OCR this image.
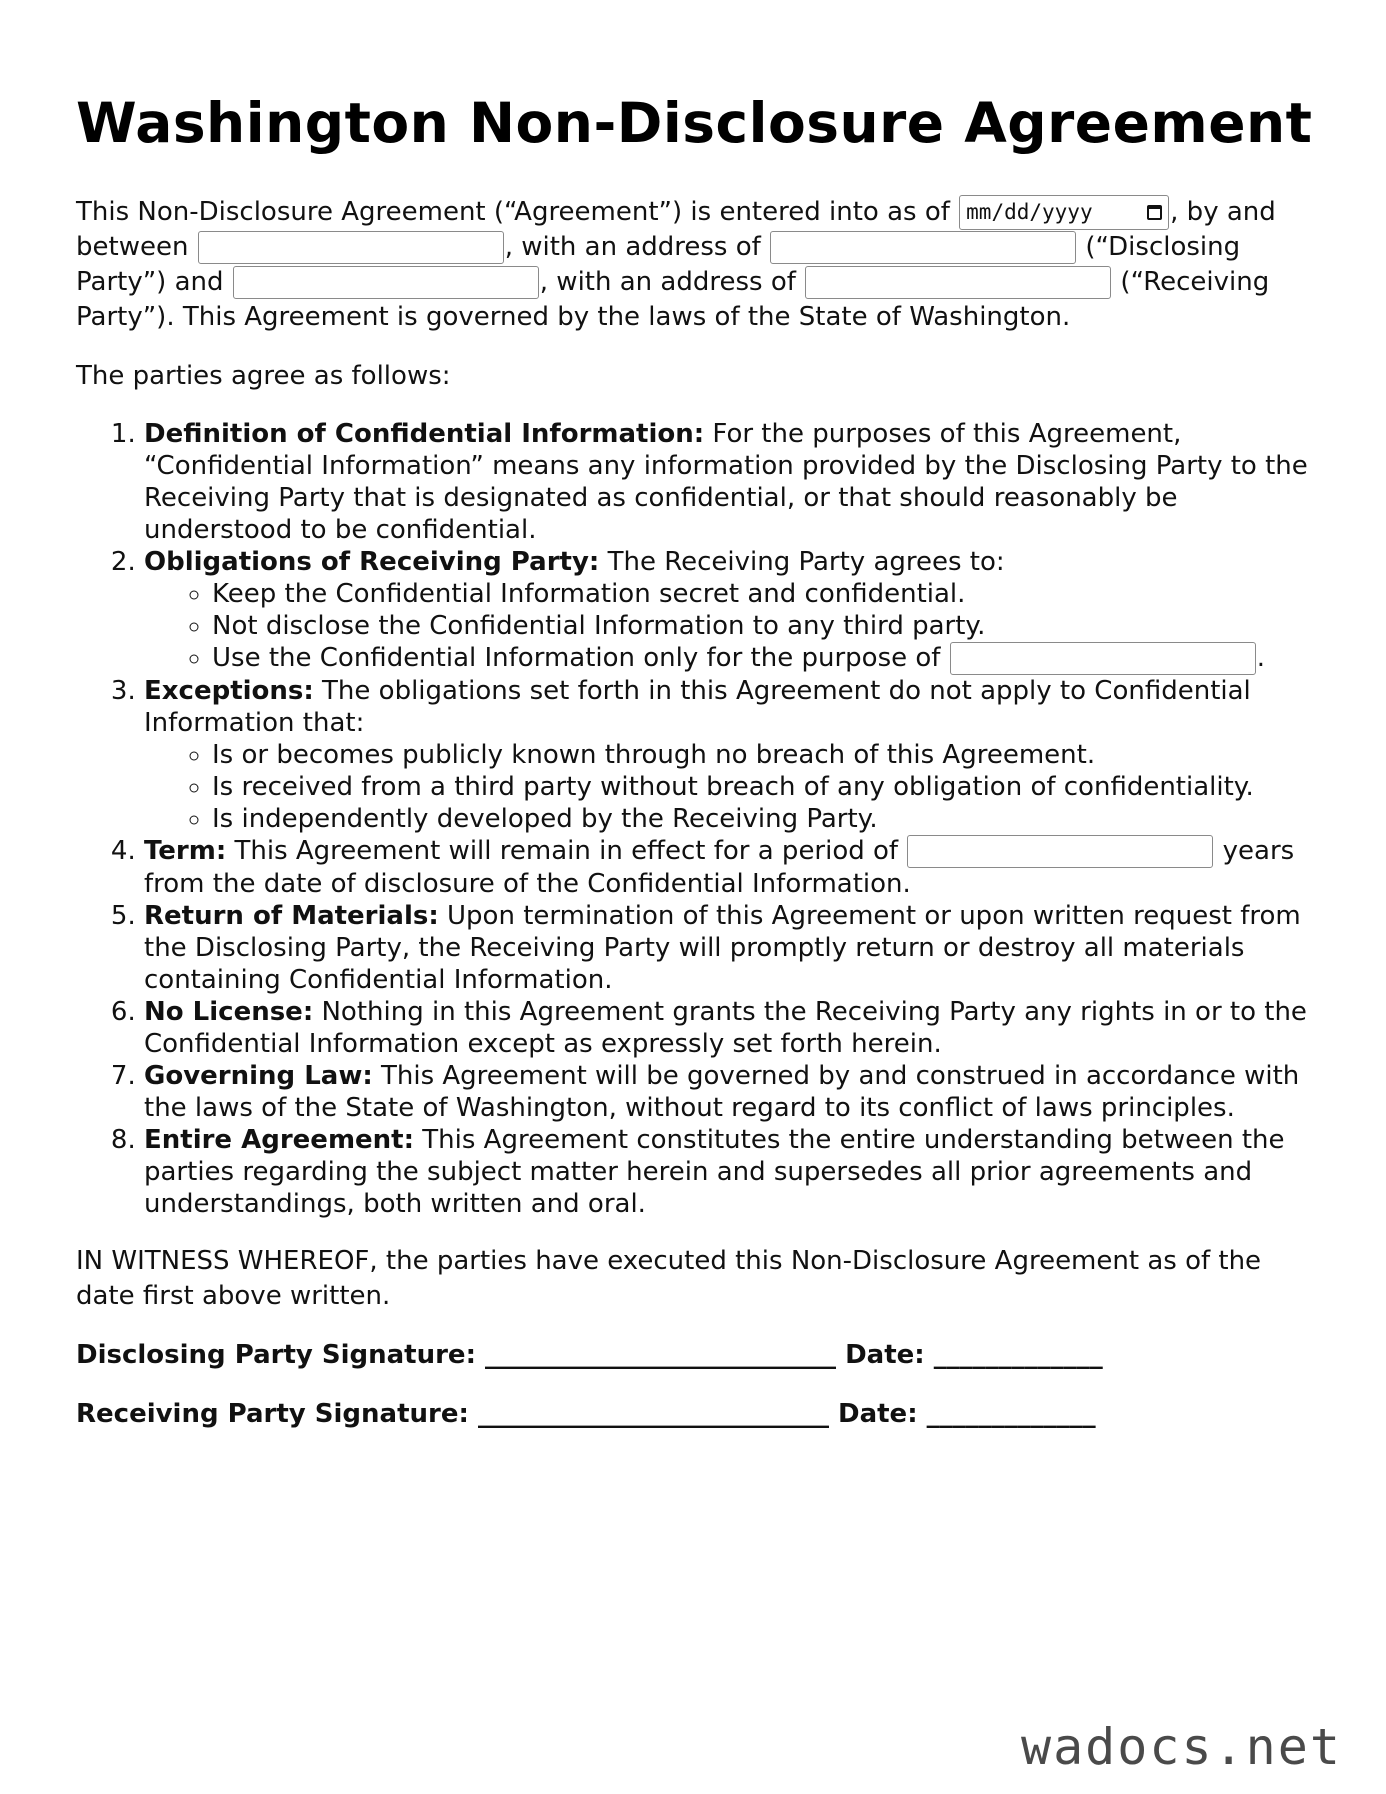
Washington Non-Disclosure Agreement

This Non-Disclosure Agreement (“Agreement”) is entered into as of mm/dd/yyyy	, by and between	, with an address of	(“Disclosing Party”) and	, with an address of	(“Receiving Party”). This Agreement is governed by the laws of the State of Washington.

The parties agree as follows:

1. Definition of Confidential Information: For the purposes of this Agreement, “Confidential Information” means any information provided by the Disclosing Party to the Receiving Party that is designated as confidential, or that should reasonably be understood to be confidential.
2. Obligations of Receiving Party: The Receiving Party agrees to:
◦ Keep the Confidential Information secret and confidential.
◦ Not disclose the Confidential Information to any third party.
◦ Use the Confidential Information only for the purpose of	.
3. Exceptions: The obligations set forth in this Agreement do not apply to Confidential Information that:
◦ Is or becomes publicly known through no breach of this Agreement.
◦ Is received from a third party without breach of any obligation of confidentiality.
◦ Is independently developed by the Receiving Party.
4. Term: This Agreement will remain in effect for a period of	years from the date of disclosure of the Confidential Information.
5. Return of Materials: Upon termination of this Agreement or upon written request from the Disclosing Party, the Receiving Party will promptly return or destroy all materials containing Confidential Information.
6. No License: Nothing in this Agreement grants the Receiving Party any rights in or to the Confidential Information except as expressly set forth herein.
7. Governing Law: This Agreement will be governed by and construed in accordance with the laws of the State of Washington, without regard to its conflict of laws principles.
8. Entire Agreement: This Agreement constitutes the entire understanding between the parties regarding the subject matter herein and supersedes all prior agreements and understandings, both written and oral.

IN WITNESS WHEREOF, the parties have executed this Non-Disclosure Agreement as of the date first above written.

Disclosing Party Signature: ___________________________ Date: _____________

Receiving Party Signature: ___________________________ Date: _____________

wadocs.net
